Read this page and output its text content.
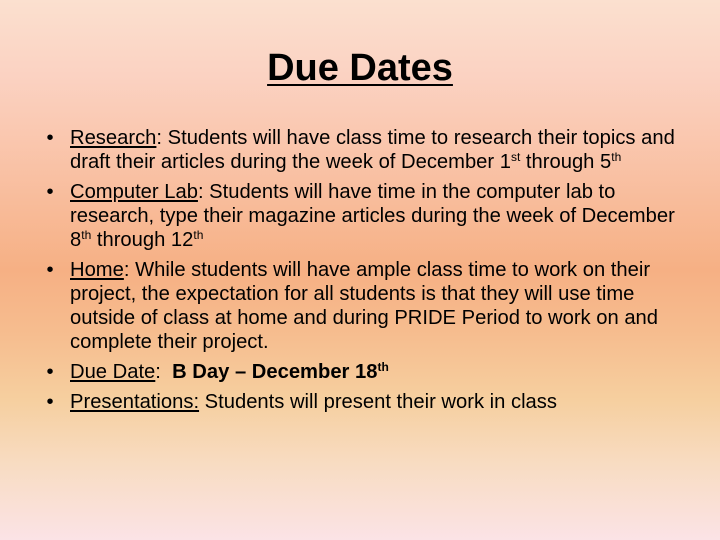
Due Dates
• Research: Students will have class time to research their topics and draft their articles during the week of December 1st through 5th
• Computer Lab: Students will have time in the computer lab to research, type their magazine articles during the week of December 8th through 12th
• Home: While students will have ample class time to work on their project, the expectation for all students is that they will use time outside of class at home and during PRIDE Period to work on and complete their project.
• Due Date:  B Day – December 18th
• Presentations: Students will present their work in class
